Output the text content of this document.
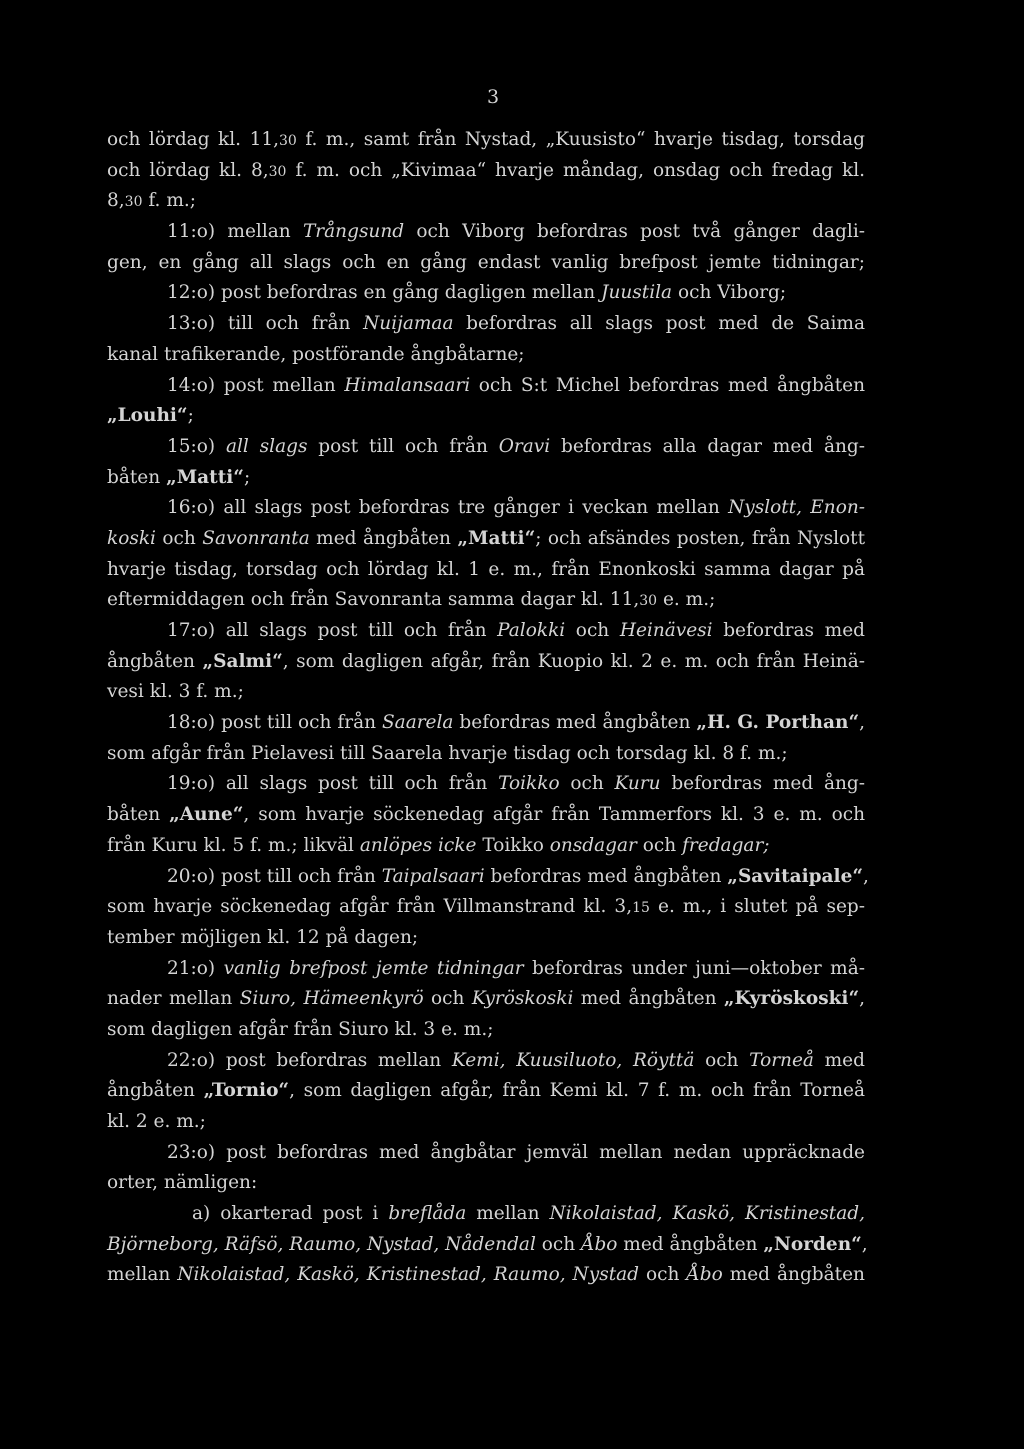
3
och lördag kl. 11,30 f. m., samt från Nystad, „Kuusisto“ hvarje tisdag, torsdag
och lördag kl. 8,30 f. m. och „Kivimaa“ hvarje måndag, onsdag och fredag kl.
8,30 f. m.;
11:o) mellan Trångsund och Viborg befordras post två gånger dagli-
gen, en gång all slags och en gång endast vanlig brefpost jemte tidningar;
12:o) post befordras en gång dagligen mellan Juustila och Viborg;
13:o) till och från Nuijamaa befordras all slags post med de Saima
kanal trafikerande, postförande ångbåtarne;
14:o) post mellan Himalansaari och S:t Michel befordras med ångbåten
„Louhi“;
15:o) all slags post till och från Oravi befordras alla dagar med ång-
båten „Matti“;
16:o) all slags post befordras tre gånger i veckan mellan Nyslott, Enon-
koski och Savonranta med ångbåten „Matti“; och afsändes posten, från Nyslott
hvarje tisdag, torsdag och lördag kl. 1 e. m., från Enonkoski samma dagar på
eftermiddagen och från Savonranta samma dagar kl. 11,30 e. m.;
17:o) all slags post till och från Palokki och Heinävesi befordras med
ångbåten „Salmi“, som dagligen afgår, från Kuopio kl. 2 e. m. och från Heinä-
vesi kl. 3 f. m.;
18:o) post till och från Saarela befordras med ångbåten „H. G. Porthan“,
som afgår från Pielavesi till Saarela hvarje tisdag och torsdag kl. 8 f. m.;
19:o) all slags post till och från Toikko och Kuru befordras med ång-
båten „Aune“, som hvarje söckenedag afgår från Tammerfors kl. 3 e. m. och
från Kuru kl. 5 f. m.; likväl anlöpes icke Toikko onsdagar och fredagar;
20:o) post till och från Taipalsaari befordras med ångbåten „Savitaipale“,
som hvarje söckenedag afgår från Villmanstrand kl. 3,15 e. m., i slutet på sep-
tember möjligen kl. 12 på dagen;
21:o) vanlig brefpost jemte tidningar befordras under juni—oktober må-
nader mellan Siuro, Hämeenkyrö och Kyröskoski med ångbåten „Kyröskoski“,
som dagligen afgår från Siuro kl. 3 e. m.;
22:o) post befordras mellan Kemi, Kuusiluoto, Röyttä och Torneå med
ångbåten „Tornio“, som dagligen afgår, från Kemi kl. 7 f. m. och från Torneå
kl. 2 e. m.;
23:o) post befordras med ångbåtar jemväl mellan nedan uppräcknade
orter, nämligen:
a) okarterad post i breflåda mellan Nikolaistad, Kaskö, Kristinestad,
Björneborg, Räfsö, Raumo, Nystad, Nådendal och Åbo med ångbåten „Norden“,
mellan Nikolaistad, Kaskö, Kristinestad, Raumo, Nystad och Åbo med ångbåten
